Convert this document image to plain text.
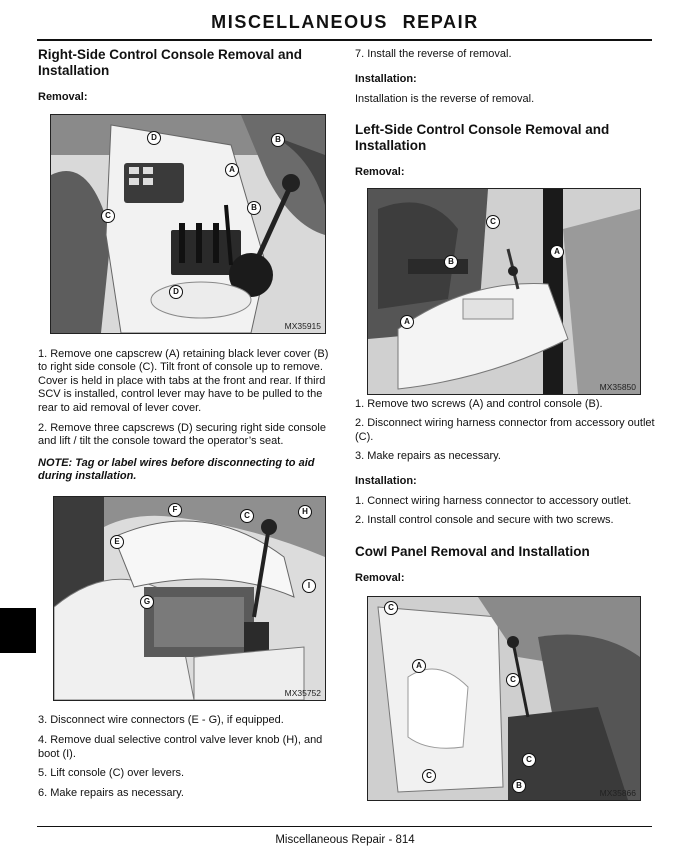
MISCELLANEOUS REPAIR
Right-Side Control Console Removal and Installation
Removal:
D	B
A
B
C
D
MX35915

1. Remove one capscrew (A) retaining black lever cover (B) to right side console (C). Tilt front of console up to remove. Cover is held in place with tabs at the front and rear. If third SCV is installed, control lever may have to be pulled to the rear to aid removal of lever cover.

2. Remove three capscrews (D) securing right side console and lift / tilt the console toward the operator’s seat.

NOTE: Tag or label wires before disconnecting to aid during installation.
F
C	H
E
I
G
MX35752

3. Disconnect wire connectors (E - G), if equipped.

4. Remove dual selective control valve lever knob (H), and boot (I).

5. Lift console (C) over levers.

6. Make repairs as necessary.

7. Install the reverse of removal.
Installation:
Installation is the reverse of removal.
Left-Side Control Console Removal and Installation
Removal:
C
A
B
A
MX35850

1. Remove two screws (A) and control console (B).

2. Disconnect wiring harness connector from accessory outlet (C).

3. Make repairs as necessary.

Installation:

1. Connect wiring harness connector to accessory outlet.

2. Install control console and secure with two screws.

Cowl Panel Removal and Installation
Removal:
C
A
C
C
C
B
MX35866
Miscellaneous Repair - 814
